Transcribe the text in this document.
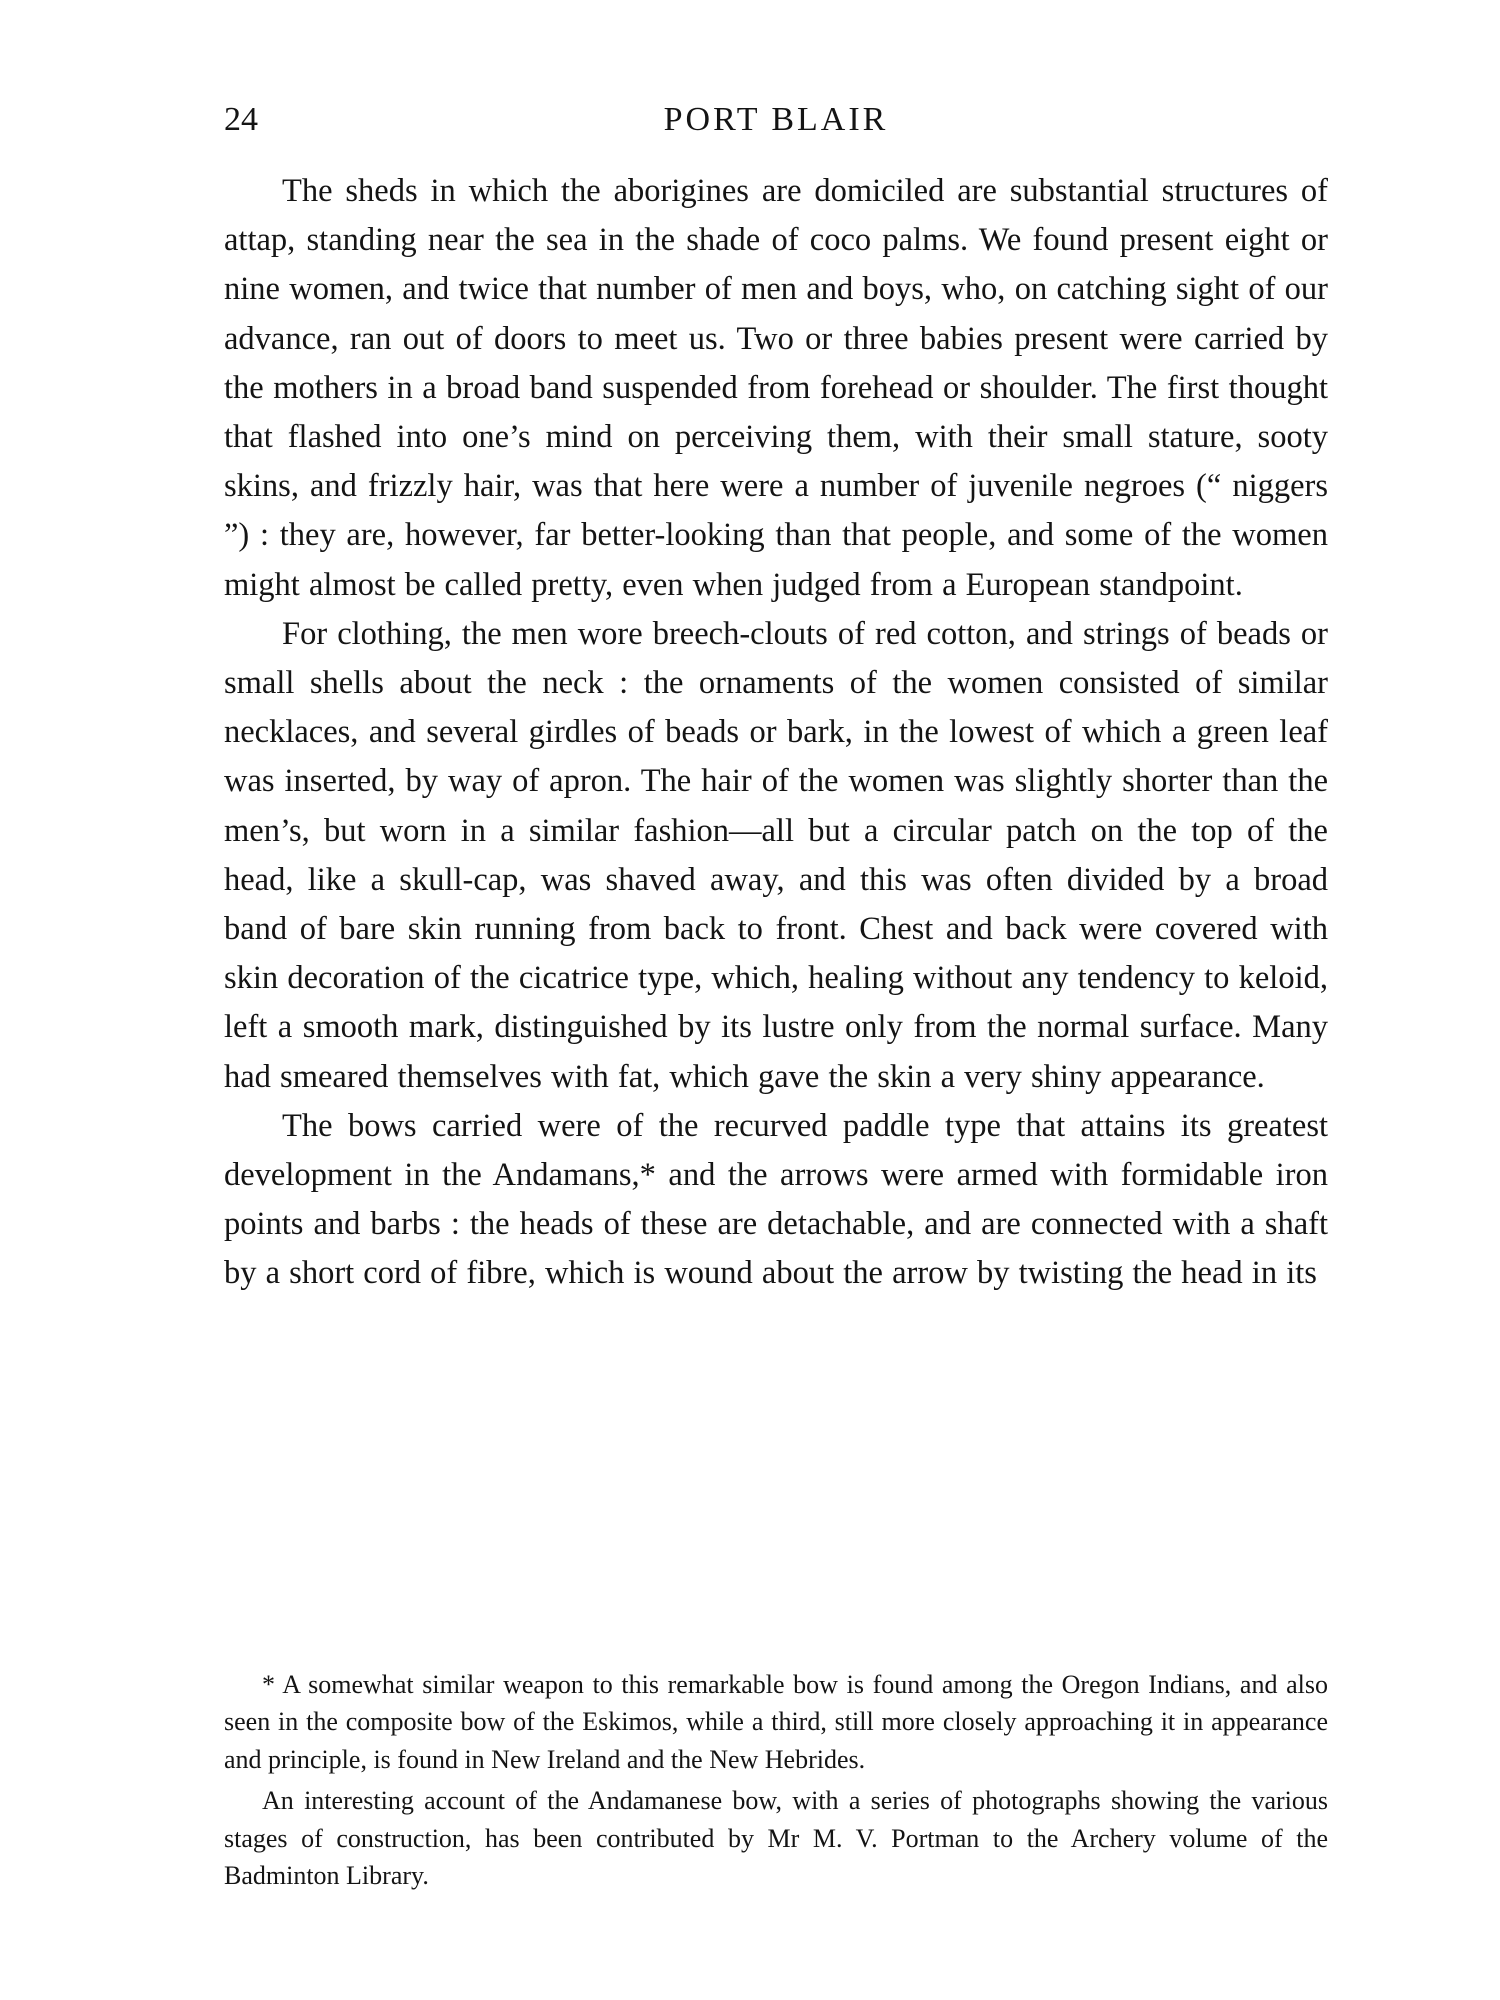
24	PORT BLAIR

The sheds in which the aborigines are domiciled are substantial structures of attap, standing near the sea in the shade of coco palms. We found present eight or nine women, and twice that number of men and boys, who, on catching sight of our advance, ran out of doors to meet us. Two or three babies present were carried by the mothers in a broad band suspended from forehead or shoulder. The first thought that flashed into one’s mind on perceiving them, with their small stature, sooty skins, and frizzly hair, was that here were a number of juvenile negroes (“ niggers ”) : they are, however, far better-looking than that people, and some of the women might almost be called pretty, even when judged from a European standpoint.

For clothing, the men wore breech-clouts of red cotton, and strings of beads or small shells about the neck : the ornaments of the women consisted of similar necklaces, and several girdles of beads or bark, in the lowest of which a green leaf was inserted, by way of apron. The hair of the women was slightly shorter than the men’s, but worn in a similar fashion—all but a circular patch on the top of the head, like a skull-cap, was shaved away, and this was often divided by a broad band of bare skin running from back to front. Chest and back were covered with skin decoration of the cicatrice type, which, healing without any tendency to keloid, left a smooth mark, distinguished by its lustre only from the normal surface. Many had smeared themselves with fat, which gave the skin a very shiny appearance.

The bows carried were of the recurved paddle type that attains its greatest development in the Andamans,* and the arrows were armed with formidable iron points and barbs : the heads of these are detachable, and are connected with a shaft by a short cord of fibre, which is wound about the arrow by twisting the head in its

* A somewhat similar weapon to this remarkable bow is found among the Oregon Indians, and also seen in the composite bow of the Eskimos, while a third, still more closely approaching it in appearance and principle, is found in New Ireland and the New Hebrides.

An interesting account of the Andamanese bow, with a series of photographs showing the various stages of construction, has been contributed by Mr M. V. Portman to the Archery volume of the Badminton Library.
